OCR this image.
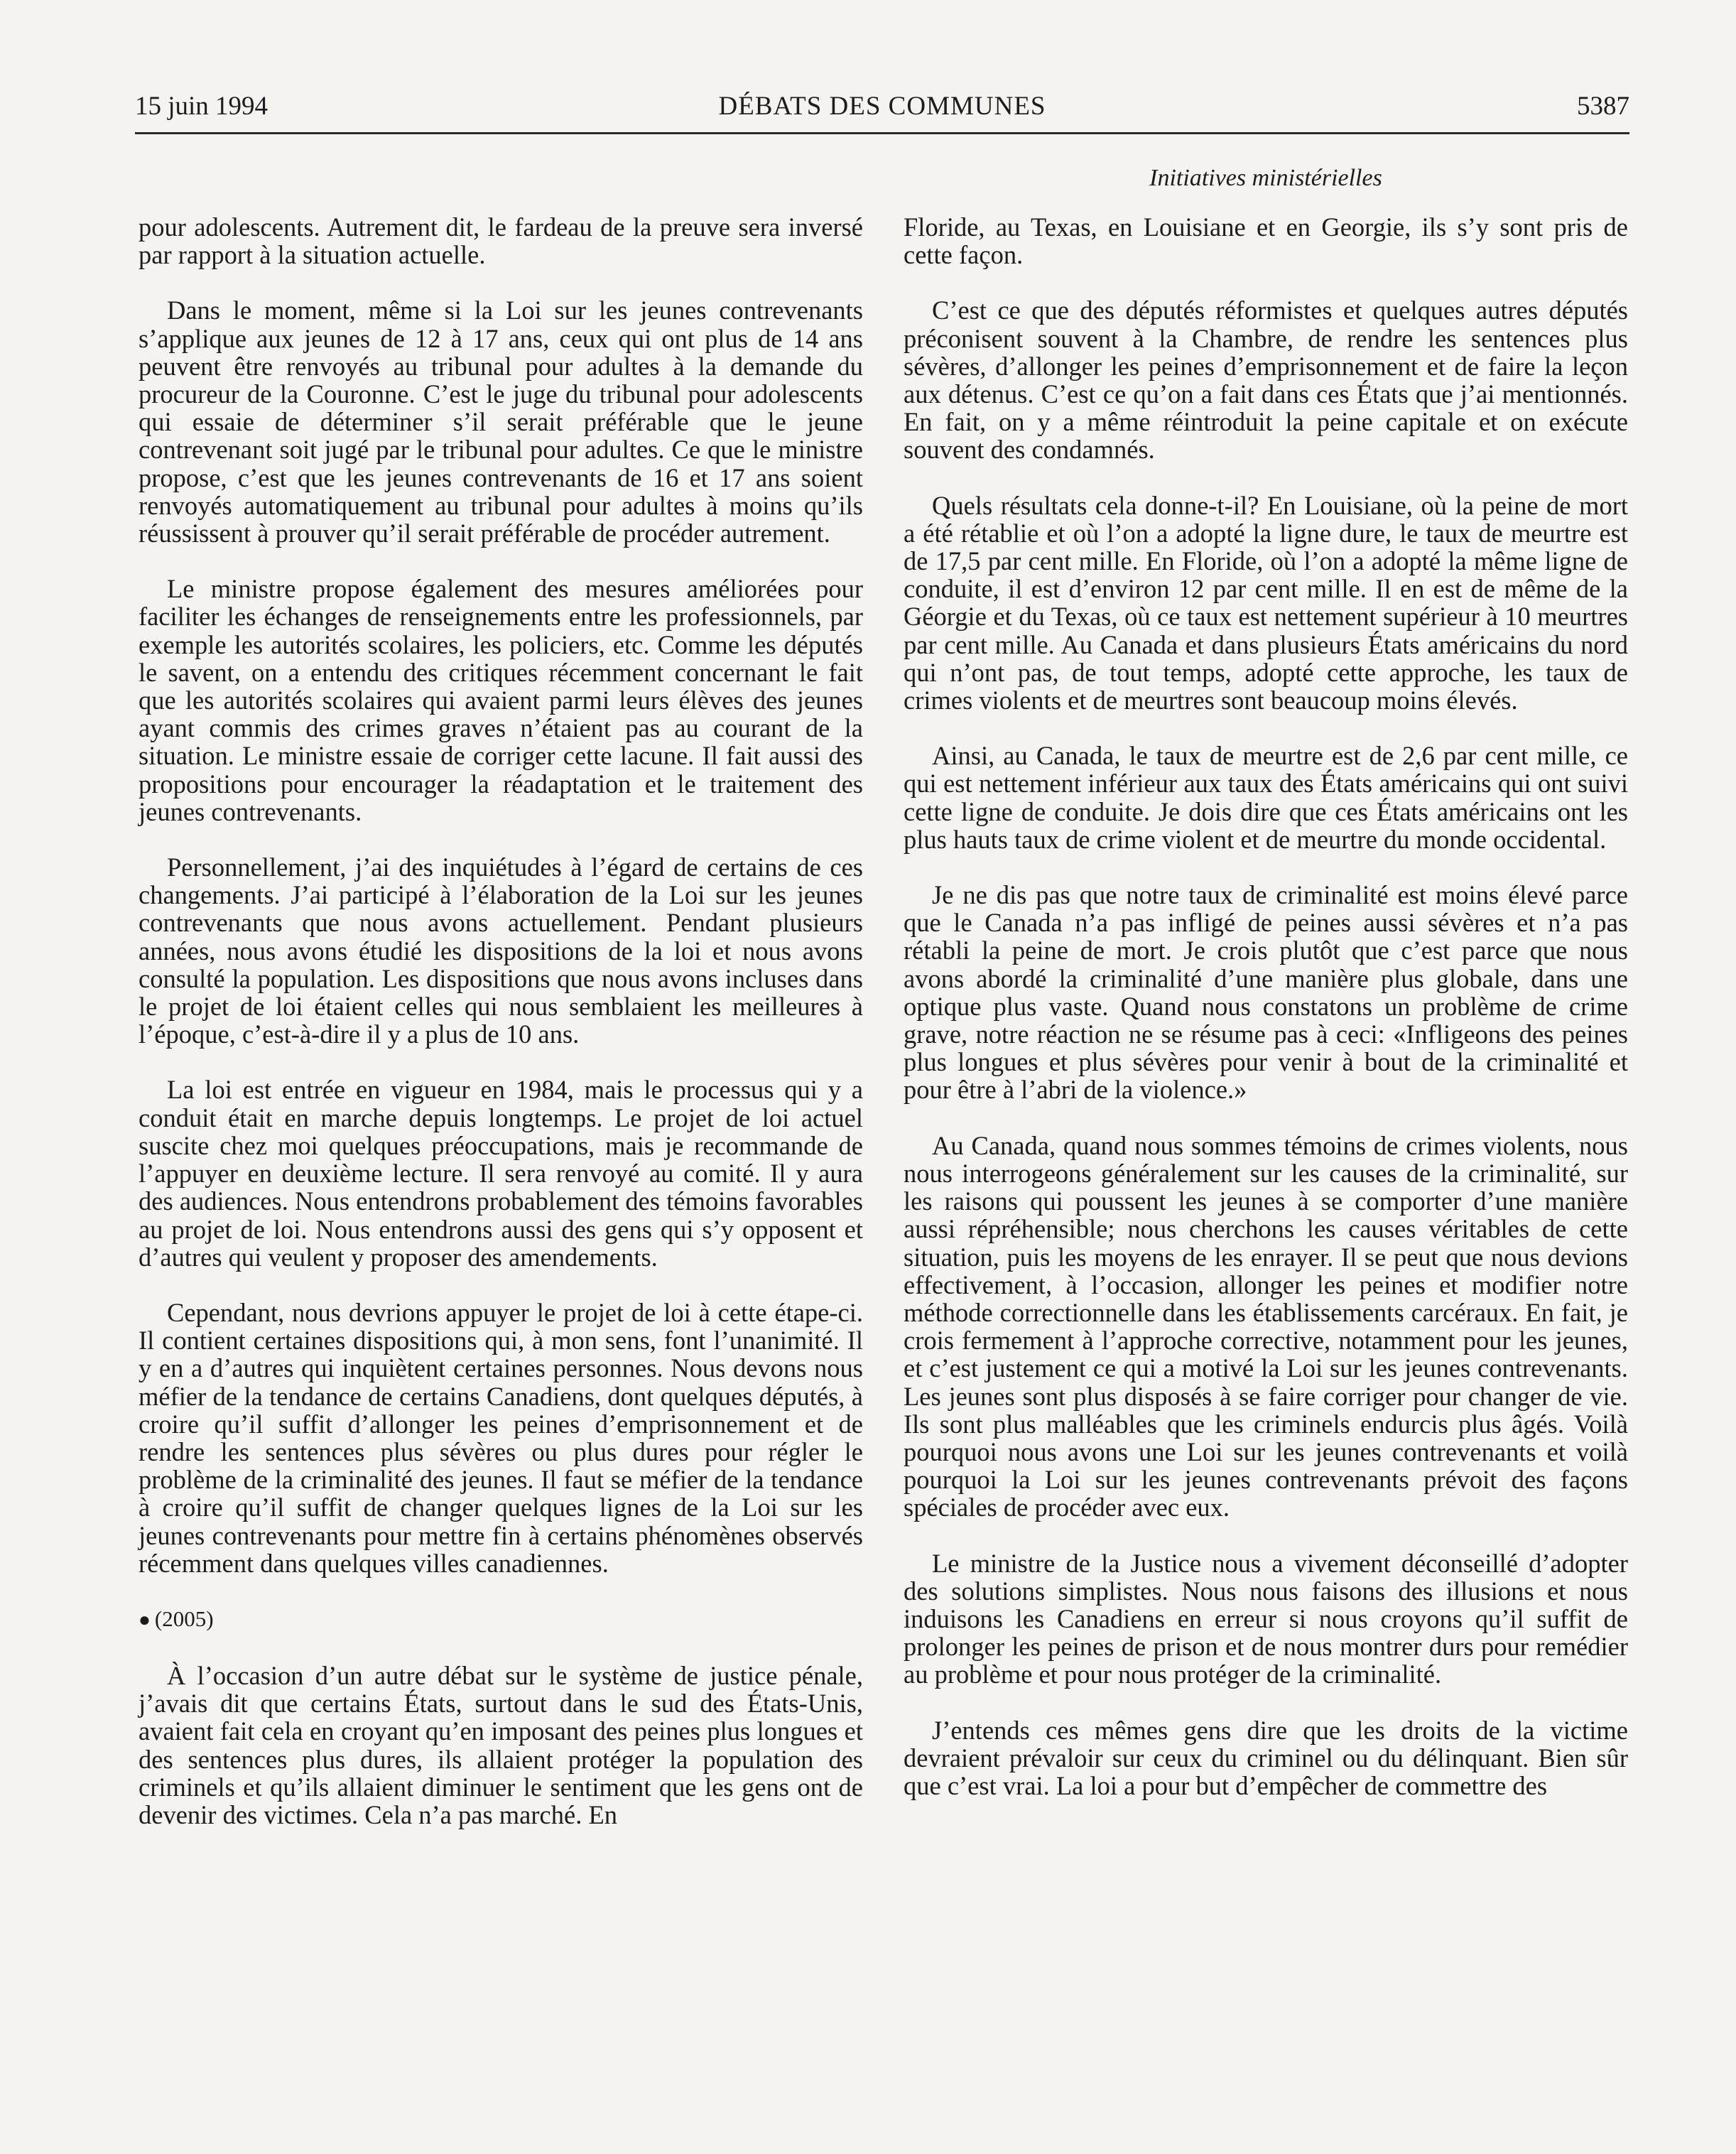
15 juin 1994	DÉBATS DES COMMUNES	5387
Initiatives ministérielles

pour adolescents. Autrement dit, le fardeau de la preuve sera inversé par rapport à la situation actuelle.

Dans le moment, même si la Loi sur les jeunes contrevenants s’applique aux jeunes de 12 à 17 ans, ceux qui ont plus de 14 ans peuvent être renvoyés au tribunal pour adultes à la demande du procureur de la Couronne. C’est le juge du tribunal pour adolescents qui essaie de déterminer s’il serait préférable que le jeune contrevenant soit jugé par le tribunal pour adultes. Ce que le ministre propose, c’est que les jeunes contrevenants de 16 et 17 ans soient renvoyés automatiquement au tribunal pour adultes à moins qu’ils réussissent à prouver qu’il serait préférable de procéder autrement.

Le ministre propose également des mesures améliorées pour faciliter les échanges de renseignements entre les professionnels, par exemple les autorités scolaires, les policiers, etc. Comme les députés le savent, on a entendu des critiques récemment concernant le fait que les autorités scolaires qui avaient parmi leurs élèves des jeunes ayant commis des crimes graves n’étaient pas au courant de la situation. Le ministre essaie de corriger cette lacune. Il fait aussi des propositions pour encourager la réadaptation et le traitement des jeunes contrevenants.

Personnellement, j’ai des inquiétudes à l’égard de certains de ces changements. J’ai participé à l’élaboration de la Loi sur les jeunes contrevenants que nous avons actuellement. Pendant plusieurs années, nous avons étudié les dispositions de la loi et nous avons consulté la population. Les dispositions que nous avons incluses dans le projet de loi étaient celles qui nous semblaient les meilleures à l’époque, c’est-à-dire il y a plus de 10 ans.

La loi est entrée en vigueur en 1984, mais le processus qui y a conduit était en marche depuis longtemps. Le projet de loi actuel suscite chez moi quelques préoccupations, mais je recommande de l’appuyer en deuxième lecture. Il sera renvoyé au comité. Il y aura des audiences. Nous entendrons probablement des témoins favorables au projet de loi. Nous entendrons aussi des gens qui s’y opposent et d’autres qui veulent y proposer des amendements.

Cependant, nous devrions appuyer le projet de loi à cette étape-ci. Il contient certaines dispositions qui, à mon sens, font l’unanimité. Il y en a d’autres qui inquiètent certaines personnes. Nous devons nous méfier de la tendance de certains Canadiens, dont quelques députés, à croire qu’il suffit d’allonger les peines d’emprisonnement et de rendre les sentences plus sévères ou plus dures pour régler le problème de la criminalité des jeunes. Il faut se méfier de la tendance à croire qu’il suffit de changer quelques lignes de la Loi sur les jeunes contrevenants pour mettre fin à certains phénomènes observés récemment dans quelques villes canadiennes.

● (2005)

À l’occasion d’un autre débat sur le système de justice pénale, j’avais dit que certains États, surtout dans le sud des États-Unis, avaient fait cela en croyant qu’en imposant des peines plus longues et des sentences plus dures, ils allaient protéger la population des criminels et qu’ils allaient diminuer le sentiment que les gens ont de devenir des victimes. Cela n’a pas marché. En

Floride, au Texas, en Louisiane et en Georgie, ils s’y sont pris de cette façon.

C’est ce que des députés réformistes et quelques autres députés préconisent souvent à la Chambre, de rendre les sentences plus sévères, d’allonger les peines d’emprisonnement et de faire la leçon aux détenus. C’est ce qu’on a fait dans ces États que j’ai mentionnés. En fait, on y a même réintroduit la peine capitale et on exécute souvent des condamnés.

Quels résultats cela donne-t-il? En Louisiane, où la peine de mort a été rétablie et où l’on a adopté la ligne dure, le taux de meurtre est de 17,5 par cent mille. En Floride, où l’on a adopté la même ligne de conduite, il est d’environ 12 par cent mille. Il en est de même de la Géorgie et du Texas, où ce taux est nettement supérieur à 10 meurtres par cent mille. Au Canada et dans plusieurs États américains du nord qui n’ont pas, de tout temps, adopté cette approche, les taux de crimes violents et de meurtres sont beaucoup moins élevés.

Ainsi, au Canada, le taux de meurtre est de 2,6 par cent mille, ce qui est nettement inférieur aux taux des États américains qui ont suivi cette ligne de conduite. Je dois dire que ces États américains ont les plus hauts taux de crime violent et de meurtre du monde occidental.

Je ne dis pas que notre taux de criminalité est moins élevé parce que le Canada n’a pas infligé de peines aussi sévères et n’a pas rétabli la peine de mort. Je crois plutôt que c’est parce que nous avons abordé la criminalité d’une manière plus globale, dans une optique plus vaste. Quand nous constatons un problème de crime grave, notre réaction ne se résume pas à ceci: «Infligeons des peines plus longues et plus sévères pour venir à bout de la criminalité et pour être à l’abri de la violence.»

Au Canada, quand nous sommes témoins de crimes violents, nous nous interrogeons généralement sur les causes de la criminalité, sur les raisons qui poussent les jeunes à se comporter d’une manière aussi répréhensible; nous cherchons les causes véritables de cette situation, puis les moyens de les enrayer. Il se peut que nous devions effectivement, à l’occasion, allonger les peines et modifier notre méthode correctionnelle dans les établissements carcéraux. En fait, je crois fermement à l’approche corrective, notamment pour les jeunes, et c’est justement ce qui a motivé la Loi sur les jeunes contrevenants. Les jeunes sont plus disposés à se faire corriger pour changer de vie. Ils sont plus malléables que les criminels endurcis plus âgés. Voilà pourquoi nous avons une Loi sur les jeunes contrevenants et voilà pourquoi la Loi sur les jeunes contrevenants prévoit des façons spéciales de procéder avec eux.

Le ministre de la Justice nous a vivement déconseillé d’adopter des solutions simplistes. Nous nous faisons des illusions et nous induisons les Canadiens en erreur si nous croyons qu’il suffit de prolonger les peines de prison et de nous montrer durs pour remédier au problème et pour nous protéger de la criminalité.

J’entends ces mêmes gens dire que les droits de la victime devraient prévaloir sur ceux du criminel ou du délinquant. Bien sûr que c’est vrai. La loi a pour but d’empêcher de commettre des
